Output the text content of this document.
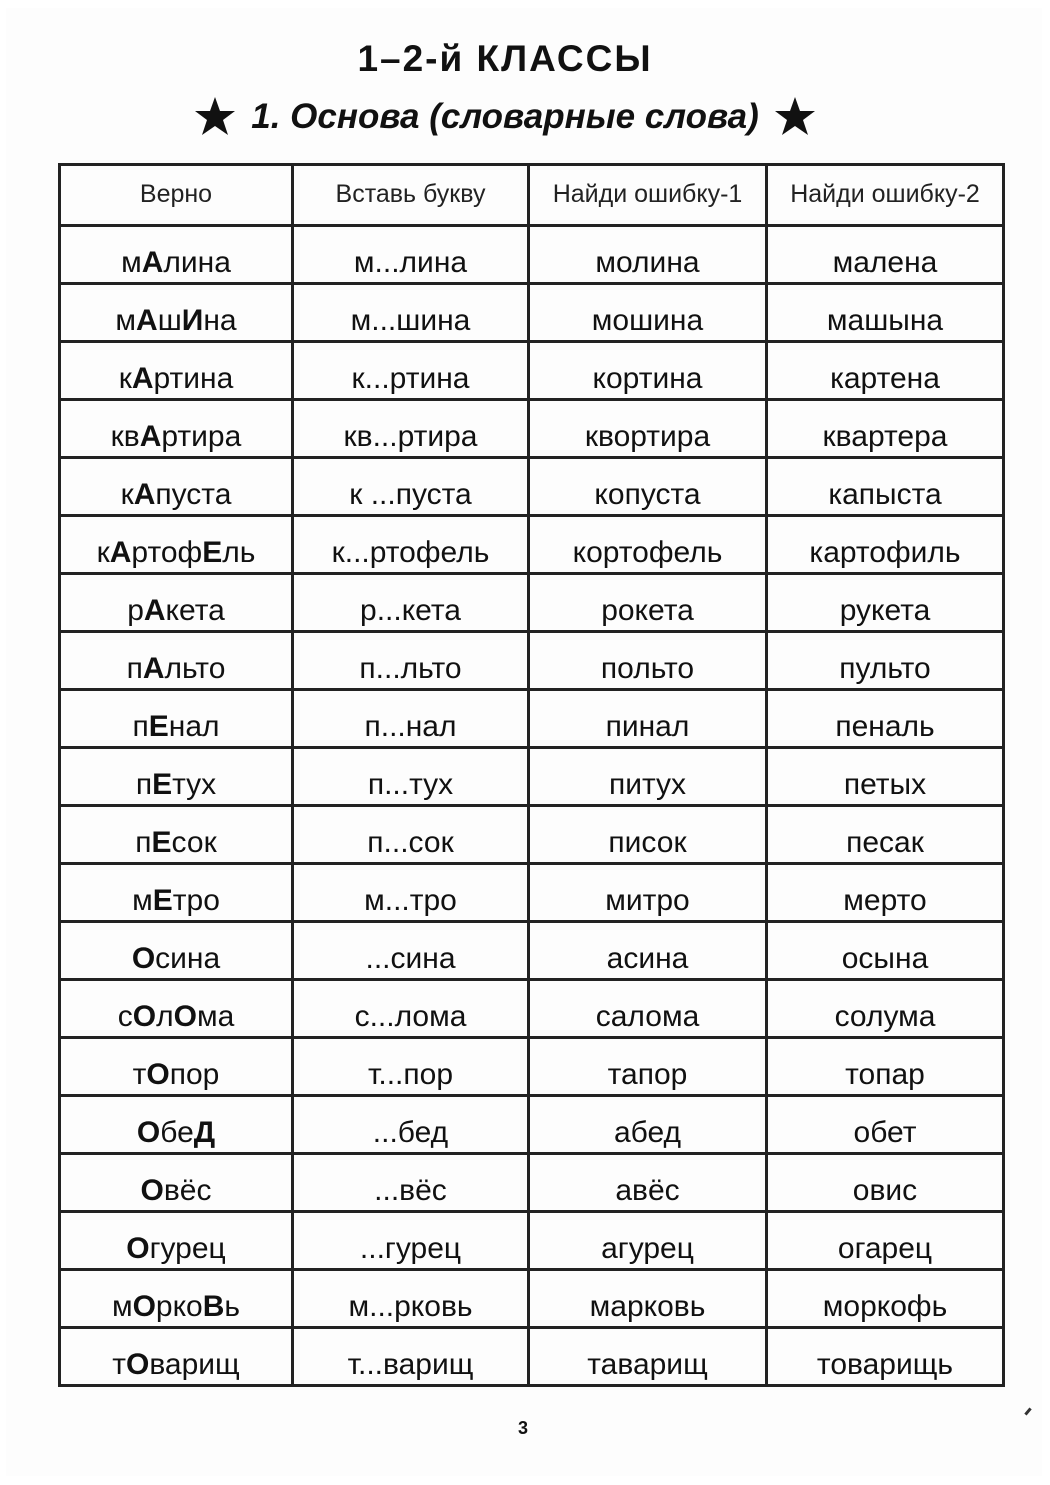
1–2-й КЛАССЫ
1. Основа (словарные слова)
Верно	Вставь букву	Найди ошибку-1	Найди ошибку-2
мАлина	м...лина	молина	малена
мАшИна	м...шина	мошина	машына
кАртина	к...ртина	кортина	картена
квАртира	кв...ртира	квортира	квартера
кАпуста	к ...пуста	копуста	капыста
кАртофЕль	к...ртофель	кортофель	картофиль
рАкета	р...кета	рокета	рукета
пАльто	п...льто	польто	пульто
пЕнал	п...нал	пинал	пеналь
пЕтух	п...тух	питух	петых
пЕсок	п...сок	писок	песак
мЕтро	м...тро	митро	мерто
Осина	...сина	асина	осына
сОлОма	с...лома	салома	солума
тОпор	т...пор	тапор	топар
ОбеД	...бед	абед	обет
Овёс	...вёс	авёс	овис
Огурец	...гурец	агурец	огарец
мОркоВь	м...рковь	марковь	моркофь
тОварищ	т...варищ	таварищ	товарищь
3
